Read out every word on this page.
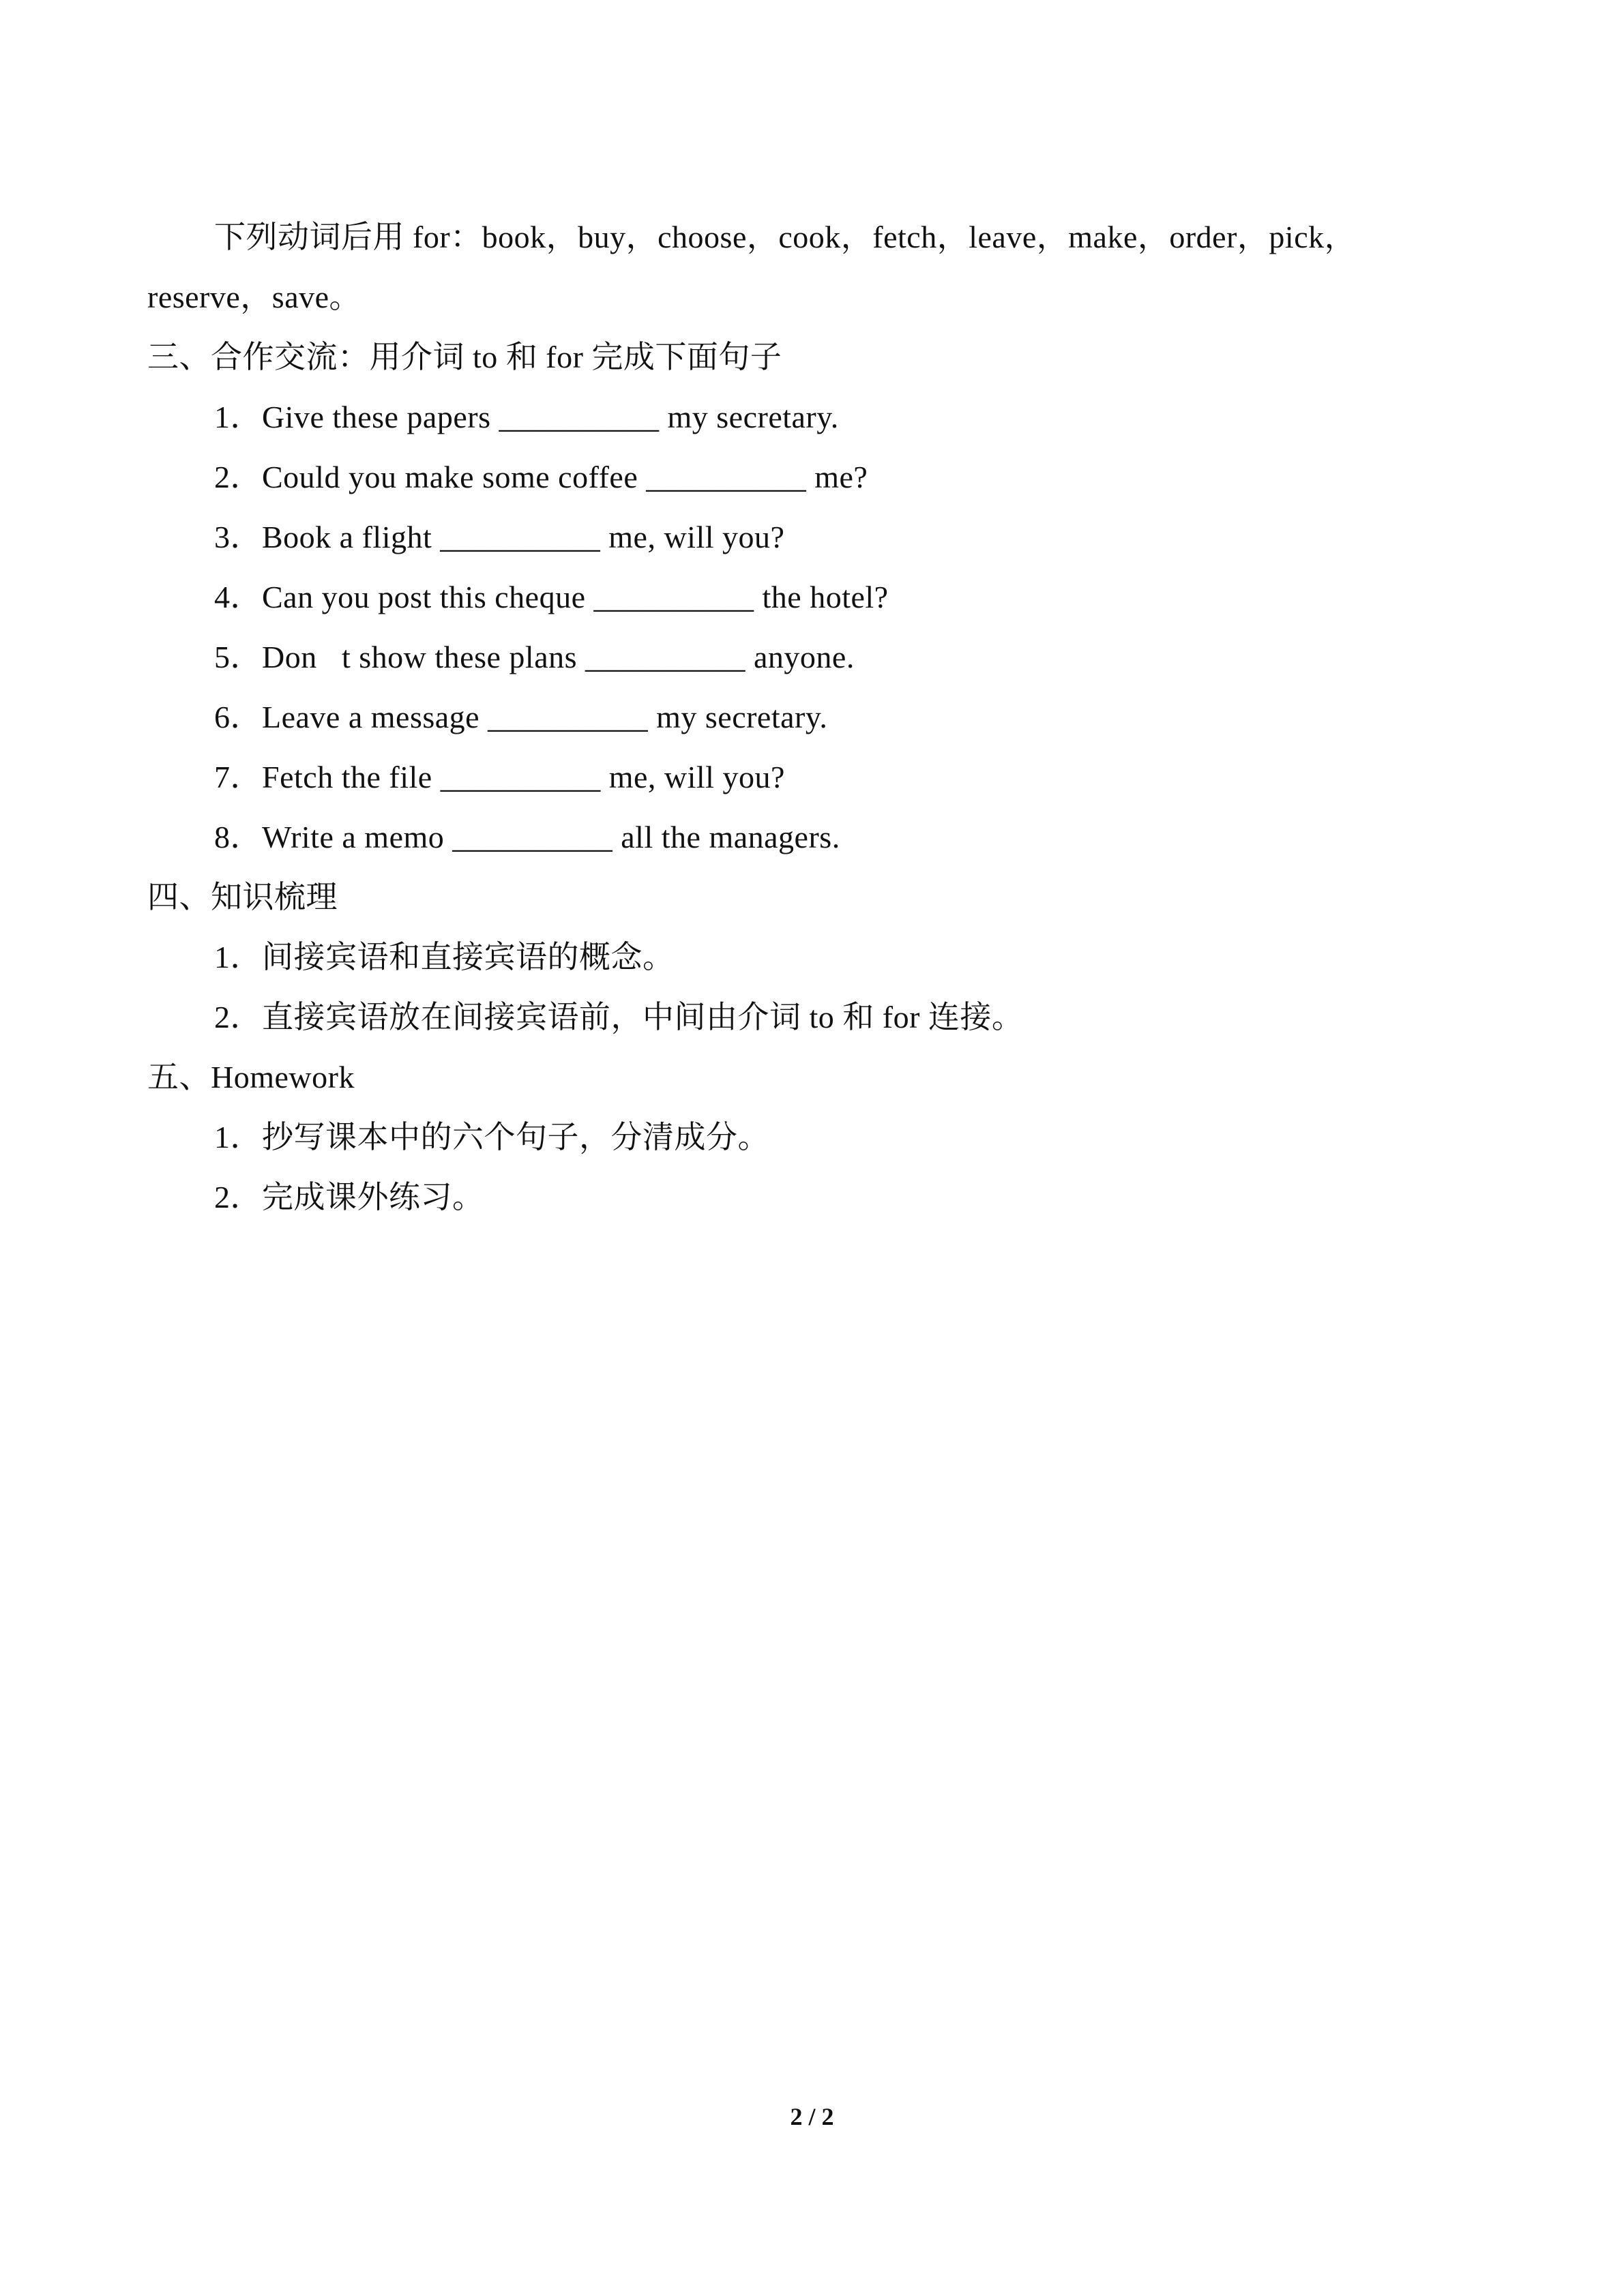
下列动词后用 for：book，buy，choose，cook，fetch，leave，make，order，pick，
reserve，save。
三、合作交流：用介词 to 和 for 完成下面句子
1．Give these papers __________ my secretary.
2．Could you make some coffee __________ me?
3．Book a flight __________ me, will you?
4．Can you post this cheque __________ the hotel?
5．Don t show these plans __________ anyone.
6．Leave a message __________ my secretary.
7．Fetch the file __________ me, will you?
8．Write a memo __________ all the managers.
四、知识梳理
1．间接宾语和直接宾语的概念。
2．直接宾语放在间接宾语前，中间由介词 to 和 for 连接。
五、Homework
1．抄写课本中的六个句子，分清成分。
2．完成课外练习。
2 / 2
